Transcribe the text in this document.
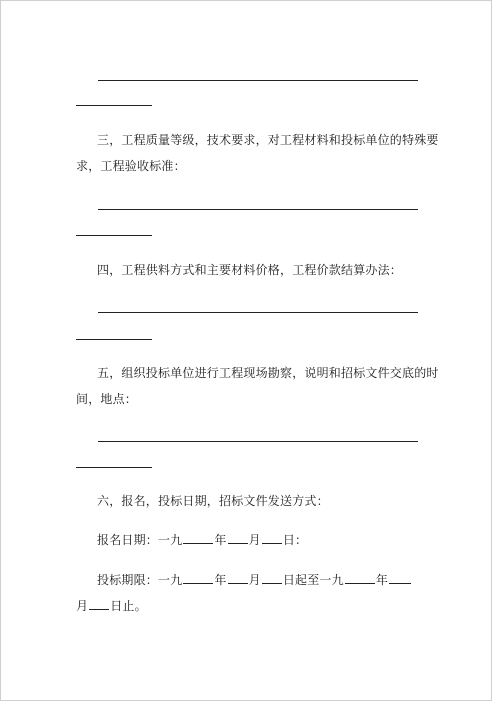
三，工程质量等级，技术要求，对工程材料和投标单位的特殊要
求，工程验收标准：
四，工程供料方式和主要材料价格，工程价款结算办法：
五，组织投标单位进行工程现场勘察，说明和招标文件交底的时
间，地点：
六，报名，投标日期，招标文件发送方式：
报名日期：一九	年 月 日：
投标期限：一九	年 月 日起至一九	年
月 日止。
